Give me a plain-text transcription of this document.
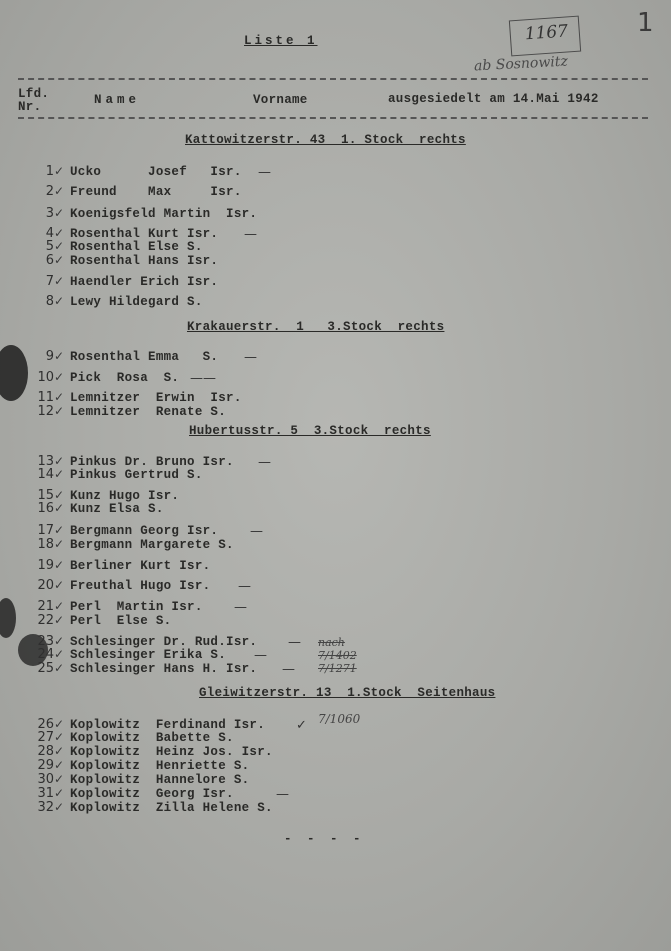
Liste 1	1167	1
ab Sosnowitz
Lfd.
Nr.	Name	Vorname	ausgesiedelt am 14.Mai 1942
Kattowitzerstr. 43  1. Stock  rechts
1 ✓ Ucko      Josef   Isr. —
2 ✓ Freund    Max     Isr.
3 ✓ Koenigsfeld Martin  Isr.
4 ✓ Rosenthal Kurt Isr. —
5 ✓ Rosenthal Else S.
6 ✓ Rosenthal Hans Isr.
7 ✓ Haendler Erich Isr.
8 ✓ Lewy Hildegard S.
Krakauerstr.  1   3.Stock  rechts
9 ✓ Rosenthal Emma   S. —
10 ✓ Pick  Rosa  S. ——
11 ✓ Lemnitzer  Erwin  Isr.
12 ✓ Lemnitzer  Renate S.
Hubertusstr. 5  3.Stock  rechts
13 ✓ Pinkus Dr. Bruno Isr. —
14 ✓ Pinkus Gertrud S.
15 ✓ Kunz Hugo Isr.
16 ✓ Kunz Elsa S.
17 ✓ Bergmann Georg Isr. —
18 ✓ Bergmann Margarete S.
19 ✓ Berliner Kurt Isr.
20 ✓ Freuthal Hugo Isr. —
21 ✓ Perl  Martin Isr. —
22 ✓ Perl  Else S.
23 ✓ Schlesinger Dr. Rud.Isr. — nach 7/1402 7/1271
24 ✓ Schlesinger Erika S. —
25 ✓ Schlesinger Hans H. Isr. —
Gleiwitzerstr. 13  1.Stock  Seitenhaus
26 ✓ Koplowitz  Ferdinand Isr. ✓ 7/1060
27 ✓ Koplowitz  Babette S.
28 ✓ Koplowitz  Heinz Jos. Isr.
29 ✓ Koplowitz  Henriette S.
30 ✓ Koplowitz  Hannelore S.
31 ✓ Koplowitz  Georg Isr.	—
32 ✓ Koplowitz  Zilla Helene S.
- - - -
